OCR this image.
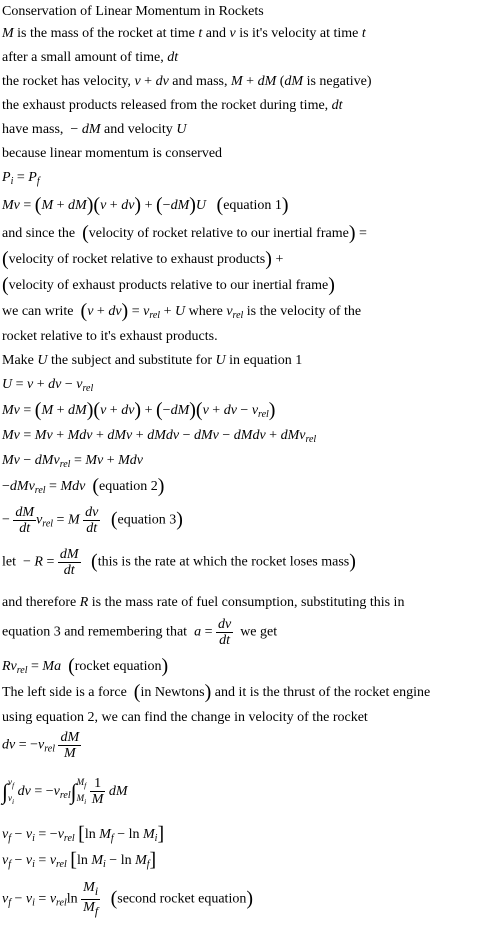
Conservation of Linear Momentum in Rockets
M is the mass of the rocket at time t and v is it's velocity at time t
after a small amount of time, dt
the rocket has velocity, v + dv and mass, M + dM (dM is negative)
the exhaust products released from the rocket during time, dt
have mass,  − dM and velocity U
because linear momentum is conserved
$P_i = P_f$
Mv = (M + dM)(v + dv) + (−dM)U (equation 1)
and since the  (velocity of rocket relative to our inertial frame) =
(velocity of rocket relative to exhaust products) +
(velocity of exhaust products relative to our inertial frame)
we can write  $(v + dv) = v_{rel} + U$ where $v_{rel}$ is the velocity of the
rocket relative to it's exhaust products.
Make U the subject and substitute for U in equation 1
U = v + dv − $v_{rel}$
Mv = (M + dM)(v + dv) + (−dM)(v + dv − $v_{rel}$)
Mv = Mv + Mdv + dMv + dMdv − dMv − dMdv + dMv$_{rel}$
Mv − dMv$_{rel}$ = Mv + Mdv
−dMv$_{rel}$ = Mdv (equation 2)
− $\frac{dM}{dt} v_{rel} = M \frac{dv}{dt}$ (equation 3)
let  − $R = \frac{dM}{dt}$ (this is the rate at which the rocket loses mass)
and therefore R is the mass rate of fuel consumption, substituting this in
equation 3 and remembering that  $a = \frac{dv}{dt}$ we get
$Rv_{rel} = Ma$ (rocket equation)
The left side is a force  (in Newtons) and it is the thrust of the rocket engine
using equation 2, we can find the change in velocity of the rocket
dv = $-v_{rel} \frac{dM}{M}$
∫ $v_f$
$v_i$
dv = $-v_{rel}\int$ $M_f$
$M_i$
$\frac{1}{M}$ dM
$v_f - v_i = -v_{rel}$ [ln $M_f - \ln M_i$]
$v_f - v_i = v_{rel}$ [ln $M_i - \ln M_f$]
$v_f - v_i = v_{rel}\ln \frac{M_i}{M_f}$ (second rocket equation)
